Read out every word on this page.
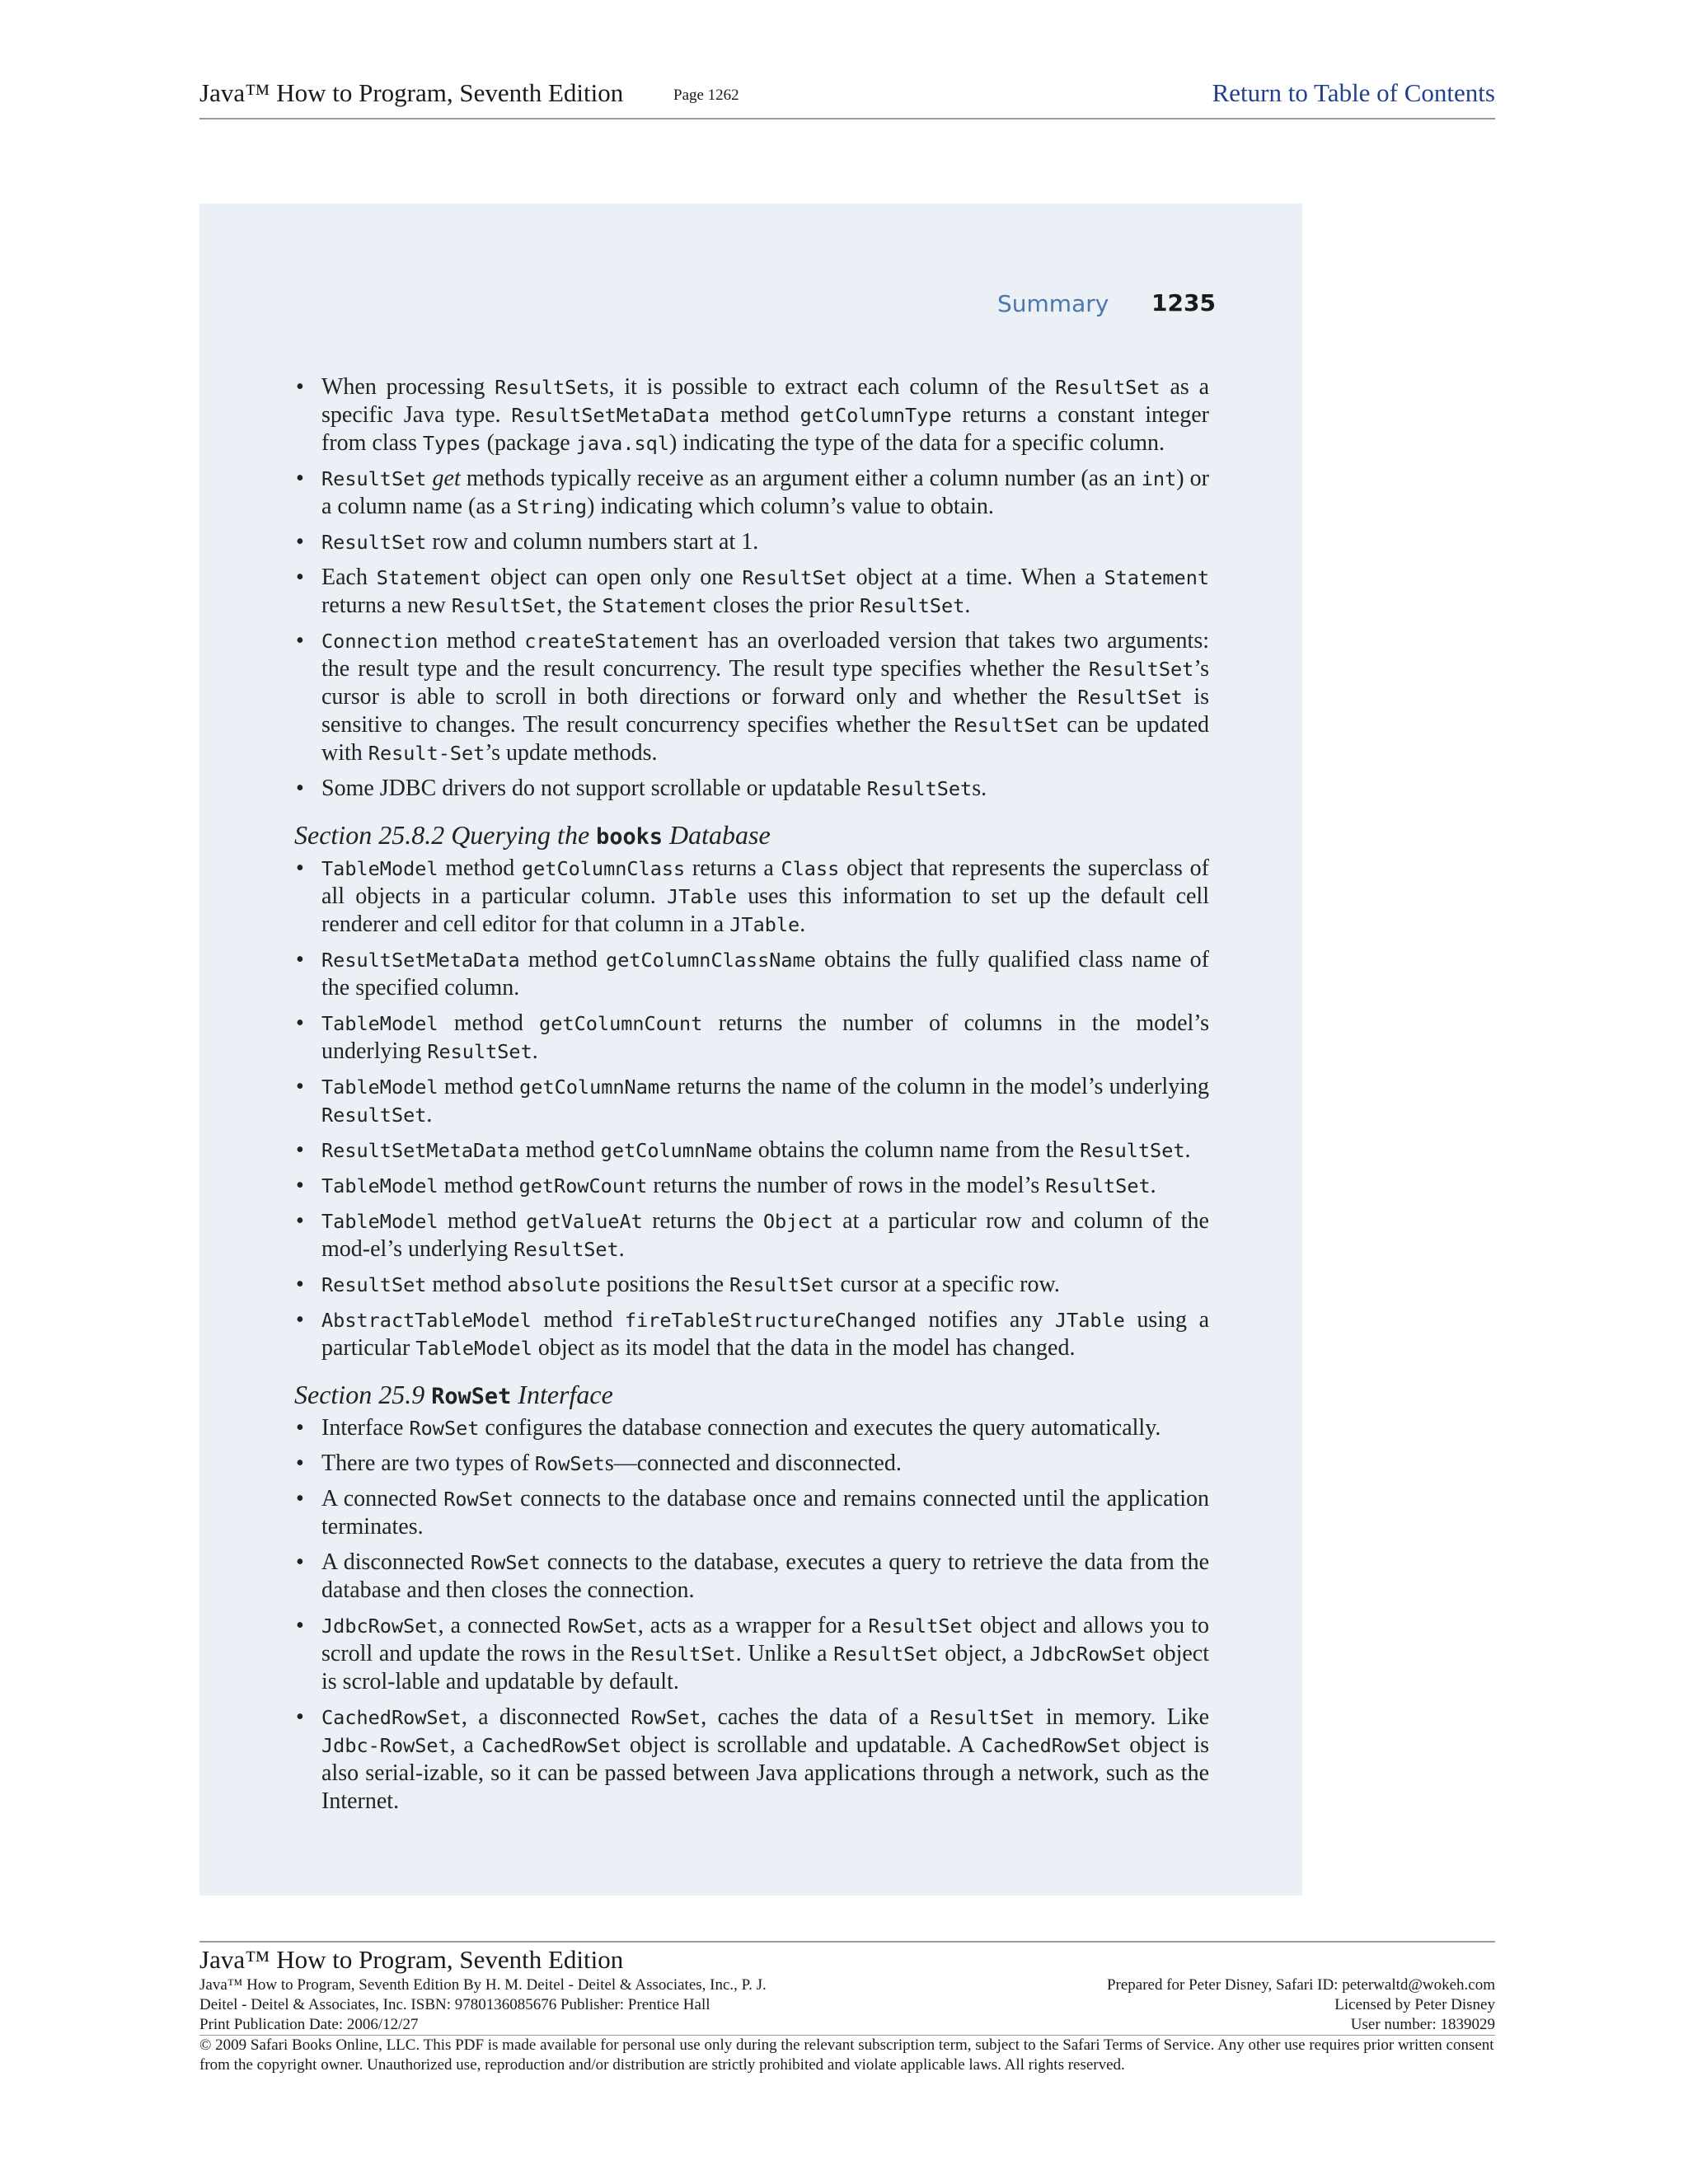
Java™ How to Program, Seventh Edition	Page 1262	Return to Table of Contents
Summary 1235
• When processing ResultSets, it is possible to extract each column of the ResultSet as a specific Java type. ResultSetMetaData method getColumnType returns a constant integer from class Types (package java.sql) indicating the type of the data for a specific column.
• ResultSet get methods typically receive as an argument either a column number (as an int) or a column name (as a String) indicating which column’s value to obtain.
• ResultSet row and column numbers start at 1.
• Each Statement object can open only one ResultSet object at a time. When a Statement returns a new ResultSet, the Statement closes the prior ResultSet.
• Connection method createStatement has an overloaded version that takes two arguments: the result type and the result concurrency. The result type specifies whether the ResultSet’s cursor is able to scroll in both directions or forward only and whether the ResultSet is sensitive to changes. The result concurrency specifies whether the ResultSet can be updated with Result-Set’s update methods.
• Some JDBC drivers do not support scrollable or updatable ResultSets.
Section 25.8.2 Querying the books Database
• TableModel method getColumnClass returns a Class object that represents the superclass of all objects in a particular column. JTable uses this information to set up the default cell renderer and cell editor for that column in a JTable.
• ResultSetMetaData method getColumnClassName obtains the fully qualified class name of the specified column.
• TableModel method getColumnCount returns the number of columns in the model’s underlying ResultSet.
• TableModel method getColumnName returns the name of the column in the model’s underlying ResultSet.
• ResultSetMetaData method getColumnName obtains the column name from the ResultSet.
• TableModel method getRowCount returns the number of rows in the model’s ResultSet.
• TableModel method getValueAt returns the Object at a particular row and column of the mod-el’s underlying ResultSet.
• ResultSet method absolute positions the ResultSet cursor at a specific row.
• AbstractTableModel method fireTableStructureChanged notifies any JTable using a particular TableModel object as its model that the data in the model has changed.
Section 25.9 RowSet Interface
• Interface RowSet configures the database connection and executes the query automatically.
• There are two types of RowSets—connected and disconnected.
• A connected RowSet connects to the database once and remains connected until the application terminates.
• A disconnected RowSet connects to the database, executes a query to retrieve the data from the database and then closes the connection.
• JdbcRowSet, a connected RowSet, acts as a wrapper for a ResultSet object and allows you to scroll and update the rows in the ResultSet. Unlike a ResultSet object, a JdbcRowSet object is scrol-lable and updatable by default.
• CachedRowSet, a disconnected RowSet, caches the data of a ResultSet in memory. Like Jdbc-RowSet, a CachedRowSet object is scrollable and updatable. A CachedRowSet object is also serial-izable, so it can be passed between Java applications through a network, such as the Internet.
Java™ How to Program, Seventh Edition
Java™ How to Program, Seventh Edition By H. M. Deitel - Deitel & Associates, Inc., P. J.	Prepared for Peter Disney, Safari ID: peterwaltd@wokeh.com
Deitel - Deitel & Associates, Inc. ISBN: 9780136085676 Publisher: Prentice Hall	Licensed by Peter Disney
Print Publication Date: 2006/12/27	User number: 1839029
© 2009 Safari Books Online, LLC. This PDF is made available for personal use only during the relevant subscription term, subject to the Safari Terms of Service. Any other use requires prior written consent from the copyright owner. Unauthorized use, reproduction and/or distribution are strictly prohibited and violate applicable laws. All rights reserved.
